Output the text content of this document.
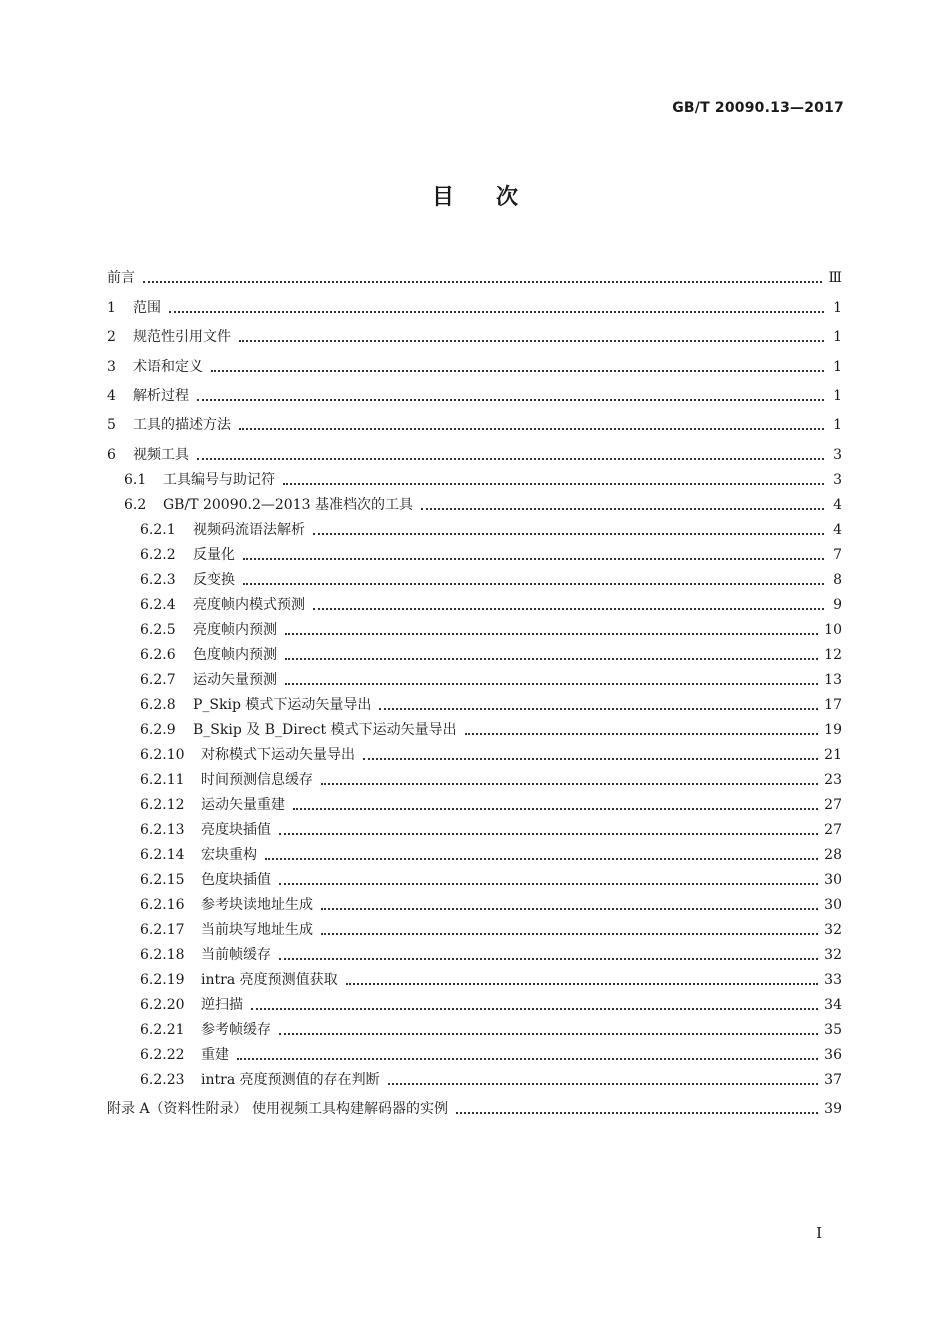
GB/T 20090.13—2017
目次
前言	Ⅲ
1	范围	1
2	规范性引用文件	1
3	术语和定义	1
4	解析过程	1
5	工具的描述方法	1
6	视频工具	3
6.1	工具编号与助记符	3
6.2	GB/T 20090.2—2013 基准档次的工具	4
6.2.1	视频码流语法解析	4
6.2.2	反量化	7
6.2.3	反变换	8
6.2.4	亮度帧内模式预测	9
6.2.5	亮度帧内预测	10
6.2.6	色度帧内预测	12
6.2.7	运动矢量预测	13
6.2.8	P_Skip 模式下运动矢量导出	17
6.2.9	B_Skip 及 B_Direct 模式下运动矢量导出	19
6.2.10	对称模式下运动矢量导出	21
6.2.11	时间预测信息缓存	23
6.2.12	运动矢量重建	27
6.2.13	亮度块插值	27
6.2.14	宏块重构	28
6.2.15	色度块插值	30
6.2.16	参考块读地址生成	30
6.2.17	当前块写地址生成	32
6.2.18	当前帧缓存	32
6.2.19	intra 亮度预测值获取	33
6.2.20	逆扫描	34
6.2.21	参考帧缓存	35
6.2.22	重建	36
6.2.23	intra 亮度预测值的存在判断	37
附录 A（资料性附录） 使用视频工具构建解码器的实例	39
Ⅰ
